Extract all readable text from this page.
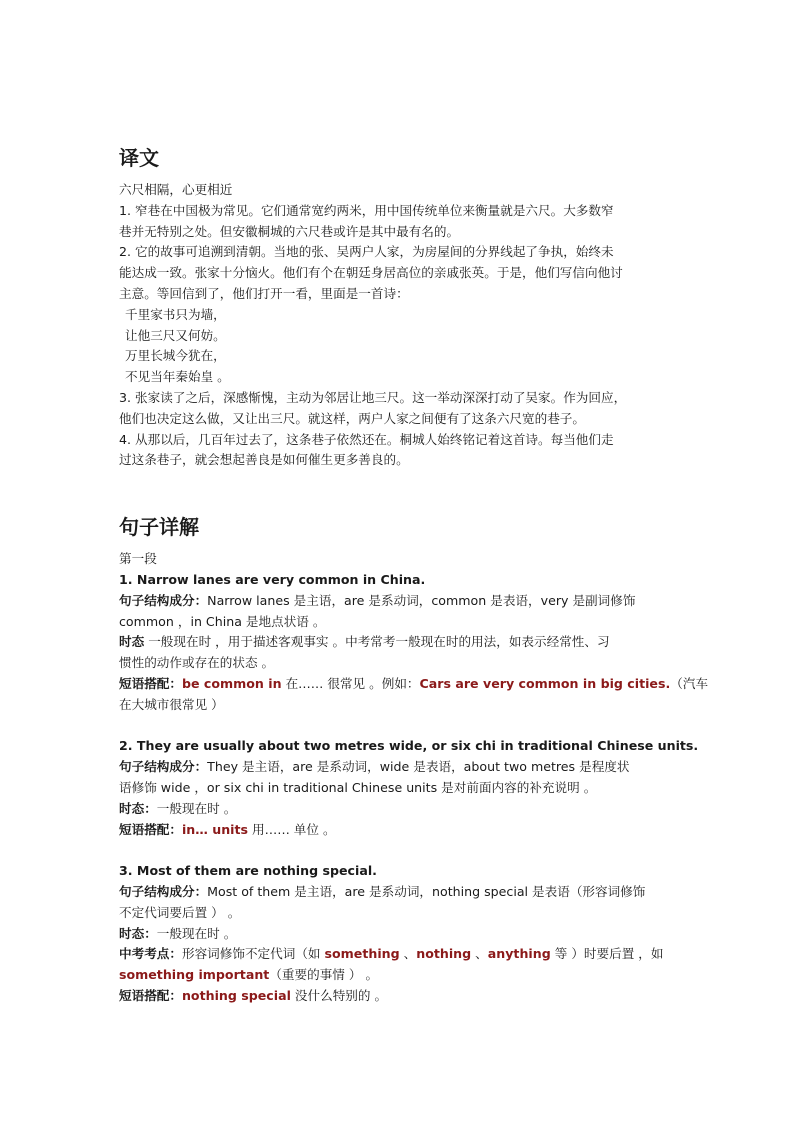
译文
六尺相隔，心更相近
1. 窄巷在中国极为常见。它们通常宽约两米，用中国传统单位来衡量就是六尺。大多数窄
巷并无特别之处。但安徽桐城的六尺巷或许是其中最有名的。
2. 它的故事可追溯到清朝。当地的张、吴两户人家，为房屋间的分界线起了争执，始终未
能达成一致。张家十分恼火。他们有个在朝廷身居高位的亲戚张英。于是，他们写信向他讨
主意。等回信到了，他们打开一看，里面是一首诗：
千里家书只为墙，
让他三尺又何妨。
万里长城今犹在，
不见当年秦始皇 。
3. 张家读了之后，深感惭愧，主动为邻居让地三尺。这一举动深深打动了吴家。作为回应，
他们也决定这么做，又让出三尺。就这样，两户人家之间便有了这条六尺宽的巷子。
4. 从那以后，几百年过去了，这条巷子依然还在。桐城人始终铭记着这首诗。每当他们走
过这条巷子，就会想起善良是如何催生更多善良的。
句子详解
第一段
1. Narrow lanes are very common in China.
句子结构成分：Narrow lanes 是主语，are 是系动词，common 是表语，very 是副词修饰
common ，in China 是地点状语 。
时态 一般现在时 ，用于描述客观事实 。中考常考一般现在时的用法，如表示经常性、习
惯性的动作或存在的状态 。
短语搭配：be common in 在…… 很常见 。例如：Cars are very common in big cities.（汽车
在大城市很常见 ）
2. They are usually about two metres wide, or six chi in traditional Chinese units.
句子结构成分：They 是主语，are 是系动词，wide 是表语，about two metres 是程度状
语修饰 wide ，or six chi in traditional Chinese units 是对前面内容的补充说明 。
时态：一般现在时 。
短语搭配：in… units 用…… 单位 。
3. Most of them are nothing special.
句子结构成分：Most of them 是主语，are 是系动词，nothing special 是表语（形容词修饰
不定代词要后置 ） 。
时态：一般现在时 。
中考考点：形容词修饰不定代词（如 something 、nothing 、anything 等 ）时要后置 ，如
something important（重要的事情 ） 。
短语搭配：nothing special 没什么特别的 。
